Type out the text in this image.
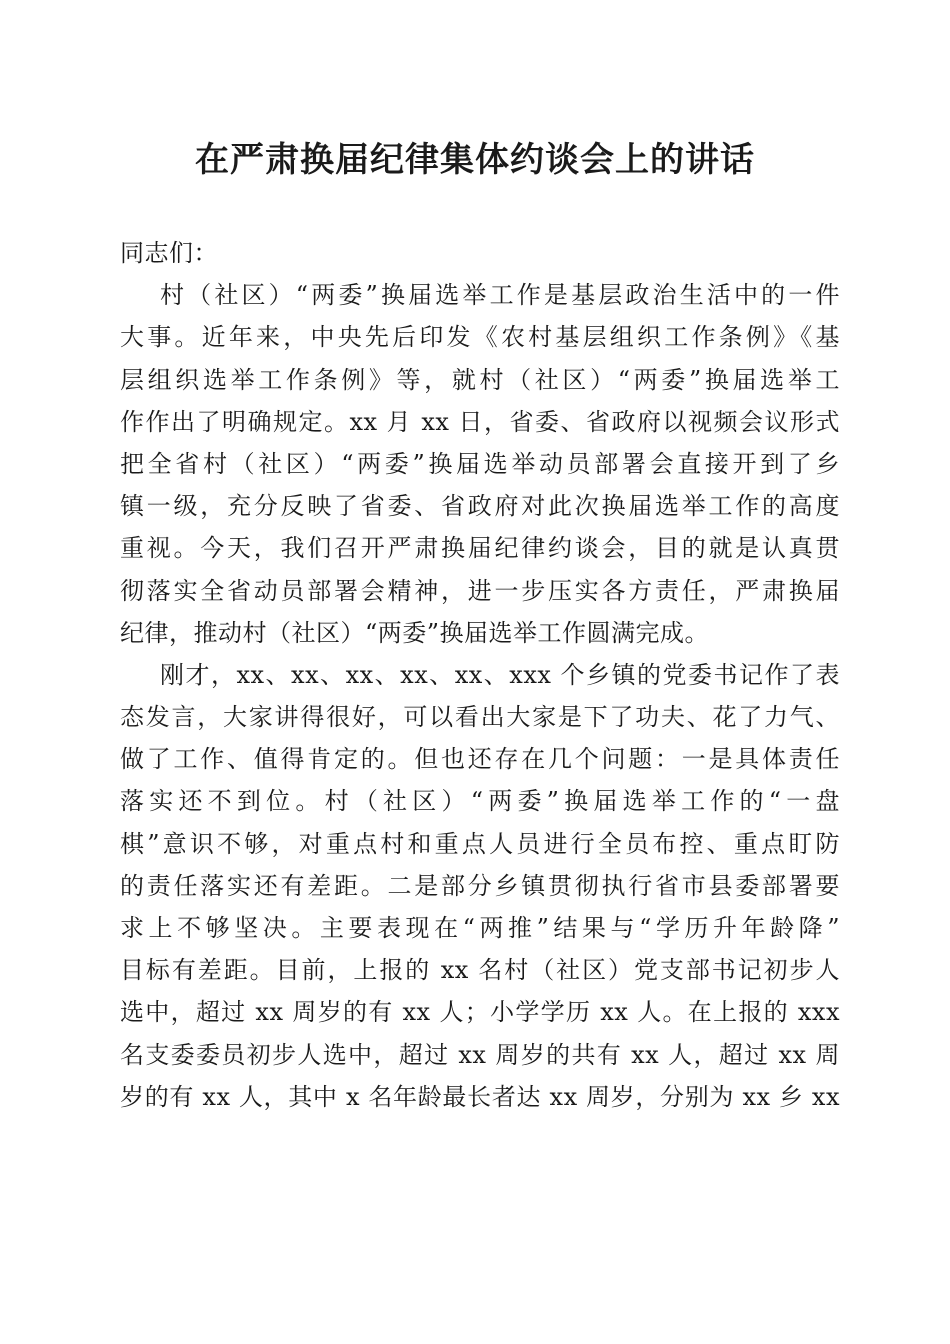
在严肃换届纪律集体约谈会上的讲话
同志们：
村（社区）“两委”换届选举工作是基层政治生活中的一件
大事。近年来，中央先后印发《农村基层组织工作条例》《基
层组织选举工作条例》等，就村（社区）“两委”换届选举工
作作出了明确规定。xx 月 xx 日，省委、省政府以视频会议形式
把全省村（社区）“两委”换届选举动员部署会直接开到了乡
镇一级，充分反映了省委、省政府对此次换届选举工作的高度
重视。今天，我们召开严肃换届纪律约谈会，目的就是认真贯
彻落实全省动员部署会精神，进一步压实各方责任，严肃换届
纪律，推动村（社区）“两委”换届选举工作圆满完成。
刚才，xx、xx、xx、xx、xx、xxx 个乡镇的党委书记作了表
态发言，大家讲得很好，可以看出大家是下了功夫、花了力气、
做了工作、值得肯定的。但也还存在几个问题：一是具体责任
落实还不到位。村（社区）“两委”换届选举工作的“一盘
棋”意识不够，对重点村和重点人员进行全员布控、重点盯防
的责任落实还有差距。二是部分乡镇贯彻执行省市县委部署要
求上不够坚决。主要表现在“两推”结果与“学历升年龄降”
目标有差距。目前，上报的 xx 名村（社区）党支部书记初步人
选中，超过 xx 周岁的有 xx 人；小学学历 xx 人。在上报的 xxx
名支委委员初步人选中，超过 xx 周岁的共有 xx 人，超过 xx 周
岁的有 xx 人，其中 x 名年龄最长者达 xx 周岁，分别为 xx 乡 xx
